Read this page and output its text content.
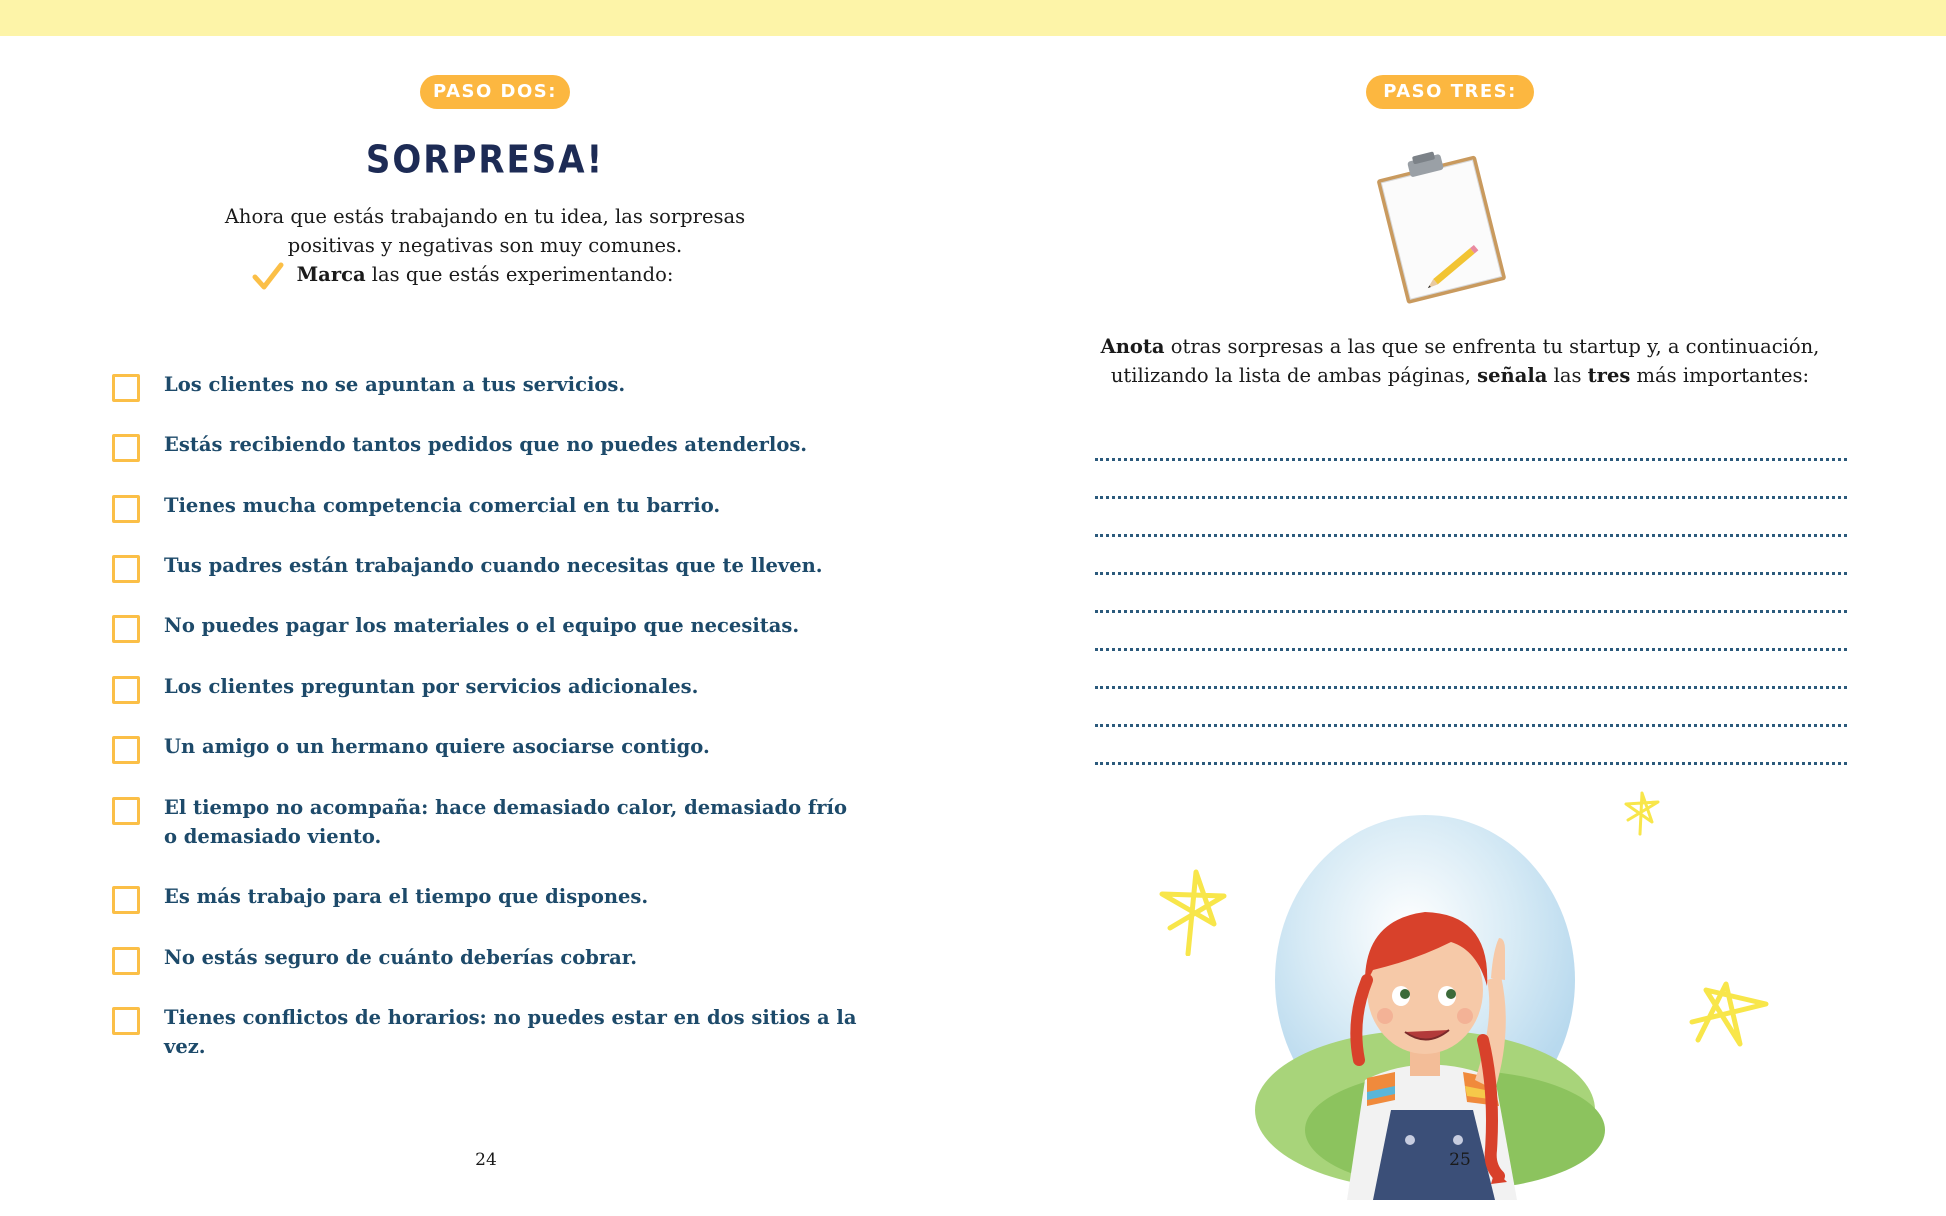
PASO DOS:
SORPRESA!
Ahora que estás trabajando en tu idea, las sorpresas
positivas y negativas son muy comunes.
Marca las que estás experimentando:
Los clientes no se apuntan a tus servicios.
Estás recibiendo tantos pedidos que no puedes atenderlos.
Tienes mucha competencia comercial en tu barrio.
Tus padres están trabajando cuando necesitas que te lleven.
No puedes pagar los materiales o el equipo que necesitas.
Los clientes preguntan por servicios adicionales.
Un amigo o un hermano quiere asociarse contigo.
El tiempo no acompaña: hace demasiado calor, demasiado frío
o demasiado viento.
Es más trabajo para el tiempo que dispones.
No estás seguro de cuánto deberías cobrar.
Tienes conflictos de horarios: no puedes estar en dos sitios a la vez.
24
PASO TRES:
Anota otras sorpresas a las que se enfrenta tu startup y, a continuación,
utilizando la lista de ambas páginas, señala las tres más importantes:
25
